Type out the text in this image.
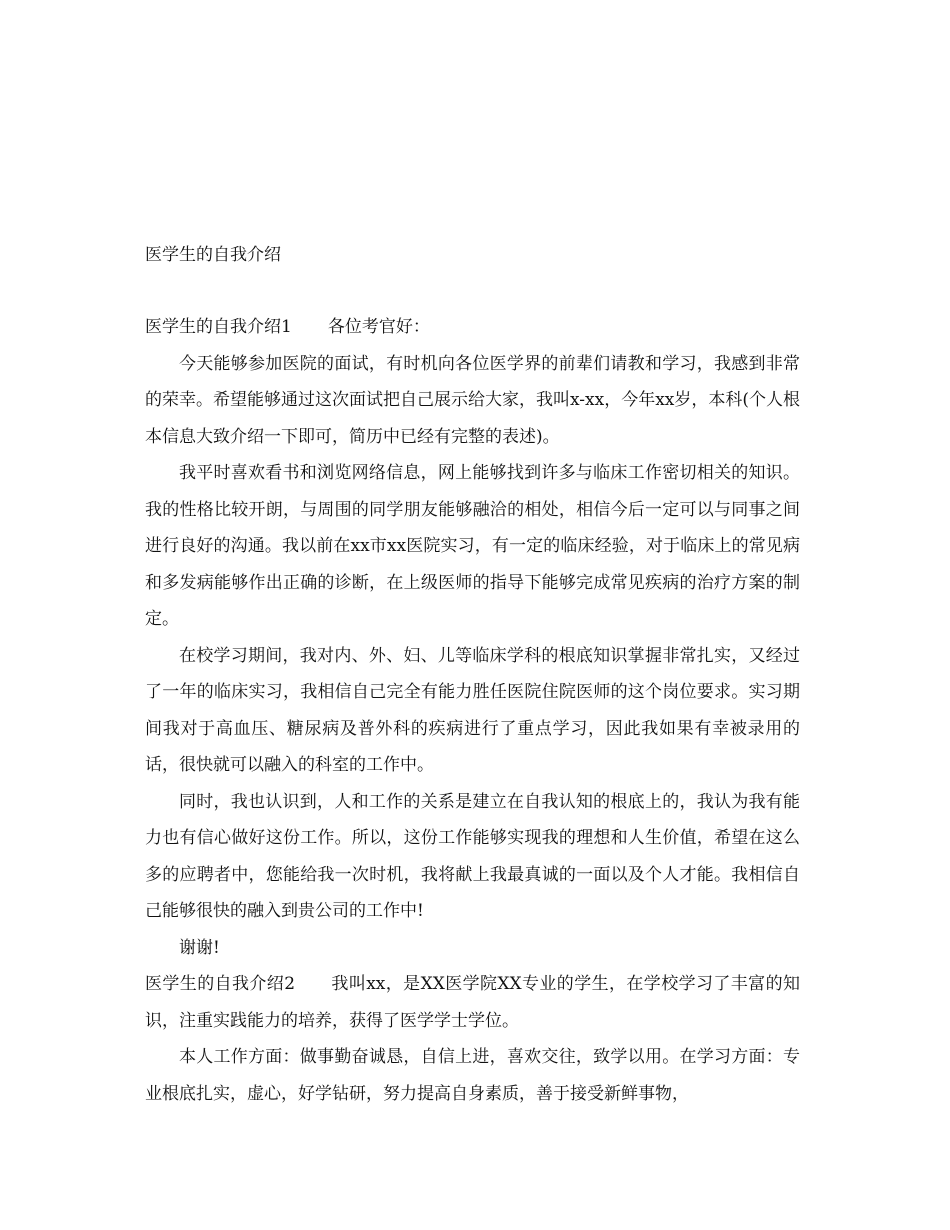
医学生的自我介绍

医学生的自我介绍1 各位考官好：

今天能够参加医院的面试，有时机向各位医学界的前辈们请教和学习，我感到非常的荣幸。希望能够通过这次面试把自己展示给大家，我叫x-xx，今年xx岁，本科(个人根本信息大致介绍一下即可，简历中已经有完整的表述)。

我平时喜欢看书和浏览网络信息，网上能够找到许多与临床工作密切相关的知识。我的性格比较开朗，与周围的同学朋友能够融洽的相处，相信今后一定可以与同事之间进行良好的沟通。我以前在xx市xx医院实习，有一定的临床经验，对于临床上的常见病和多发病能够作出正确的诊断，在上级医师的指导下能够完成常见疾病的治疗方案的制定。

在校学习期间，我对内、外、妇、儿等临床学科的根底知识掌握非常扎实，又经过了一年的临床实习，我相信自己完全有能力胜任医院住院医师的这个岗位要求。实习期间我对于高血压、糖尿病及普外科的疾病进行了重点学习，因此我如果有幸被录用的话，很快就可以融入的科室的工作中。

同时，我也认识到，人和工作的关系是建立在自我认知的根底上的，我认为我有能力也有信心做好这份工作。所以，这份工作能够实现我的理想和人生价值，希望在这么多的应聘者中，您能给我一次时机，我将献上我最真诚的一面以及个人才能。我相信自己能够很快的融入到贵公司的工作中!

谢谢!

医学生的自我介绍2 我叫xx，是XX医学院XX专业的学生，在学校学习了丰富的知识，注重实践能力的培养，获得了医学学士学位。

本人工作方面：做事勤奋诚恳，自信上进，喜欢交往，致学以用。在学习方面：专业根底扎实，虚心，好学钻研，努力提高自身素质，善于接受新鲜事物，
